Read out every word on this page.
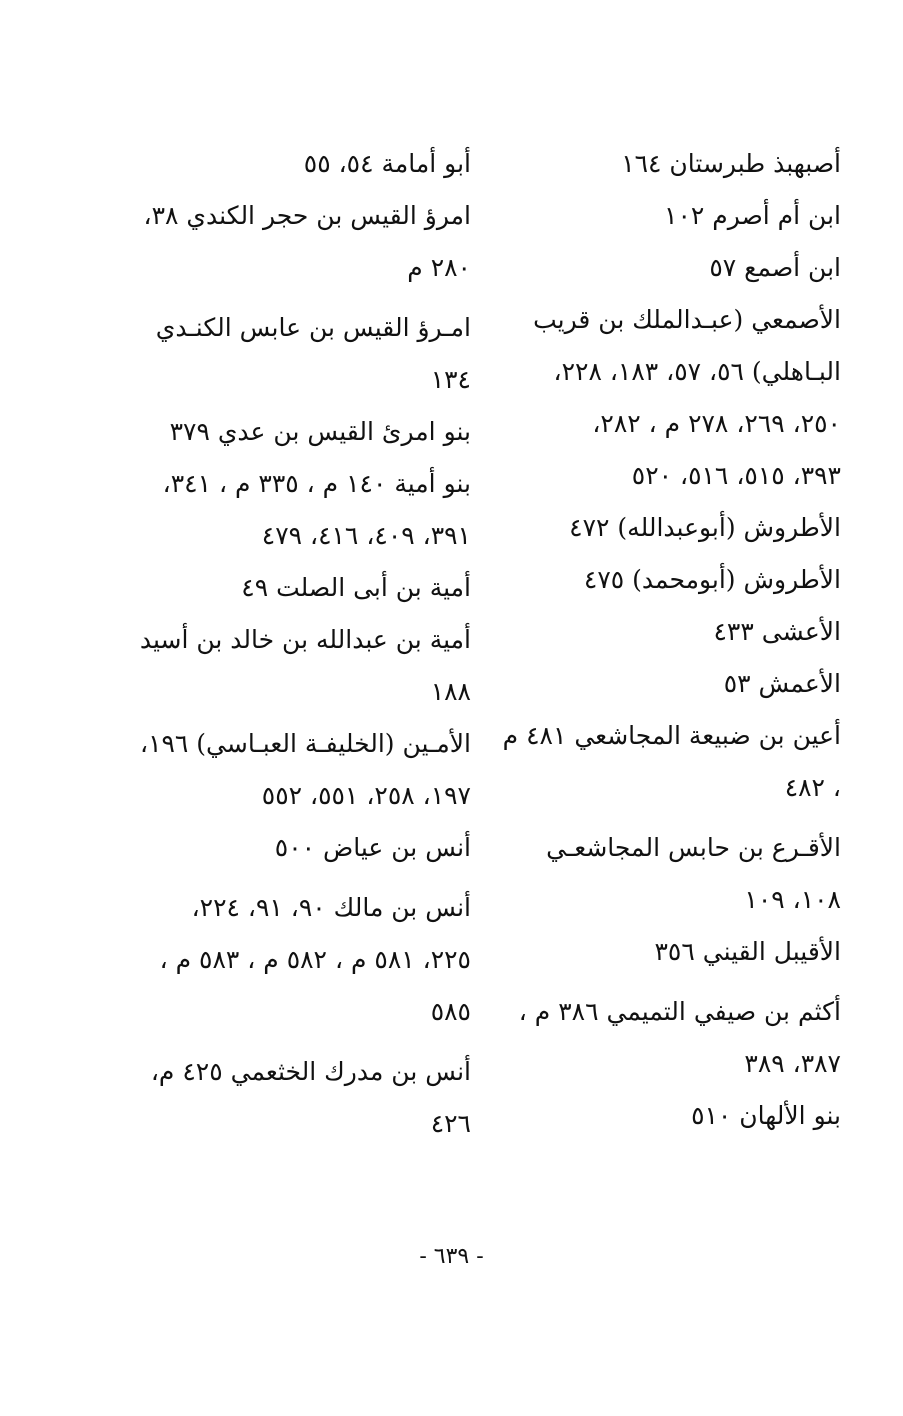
أصبهبذ طبرستان ١٦٤
ابن أم أصرم ١٠٢
ابن أصمع ٥٧
الأصمعي (عبـدالملك بن قريب
البـاهلي) ٥٦، ٥٧، ١٨٣، ٢٢٨،
٢٥٠، ٢٦٩، ٢٧٨ م ، ٢٨٢،
٣٩٣، ٥١٥، ٥١٦، ٥٢٠
الأطروش (أبوعبدالله) ٤٧٢
الأطروش (أبومحمد) ٤٧٥
الأعشى ٤٣٣
الأعمش ٥٣
أعين بن ضبيعة المجاشعي ٤٨١ م
، ٤٨٢
الأقـرع بن حابس المجاشعـي
١٠٨، ١٠٩
الأقيبل القيني ٣٥٦
أكثم بن صيفي التميمي ٣٨٦ م ،
٣٨٧، ٣٨٩
بنو الألهان ٥١٠
أبو أمامة ٥٤، ٥٥
امرؤ القيس بن حجر الكندي ٣٨،
٢٨٠ م
امـرؤ القيس بن عابس الكنـدي
١٣٤
بنو امرئ القيس بن عدي ٣٧٩
بنو أمية ١٤٠ م ، ٣٣٥ م ، ٣٤١،
٣٩١، ٤٠٩، ٤١٦، ٤٧٩
أمية بن أبى الصلت ٤٩
أمية بن عبدالله بن خالد بن أسيد
١٨٨
الأمـين (الخليفـة العبـاسي) ١٩٦،
١٩٧، ٢٥٨، ٥٥١، ٥٥٢
أنس بن عياض ٥٠٠
أنس بن مالك ٩٠، ٩١، ٢٢٤،
٢٢٥، ٥٨١ م ، ٥٨٢ م ، ٥٨٣ م ،
٥٨٥
أنس بن مدرك الخثعمي ٤٢٥ م،
٤٢٦
- ٦٣٩ -
